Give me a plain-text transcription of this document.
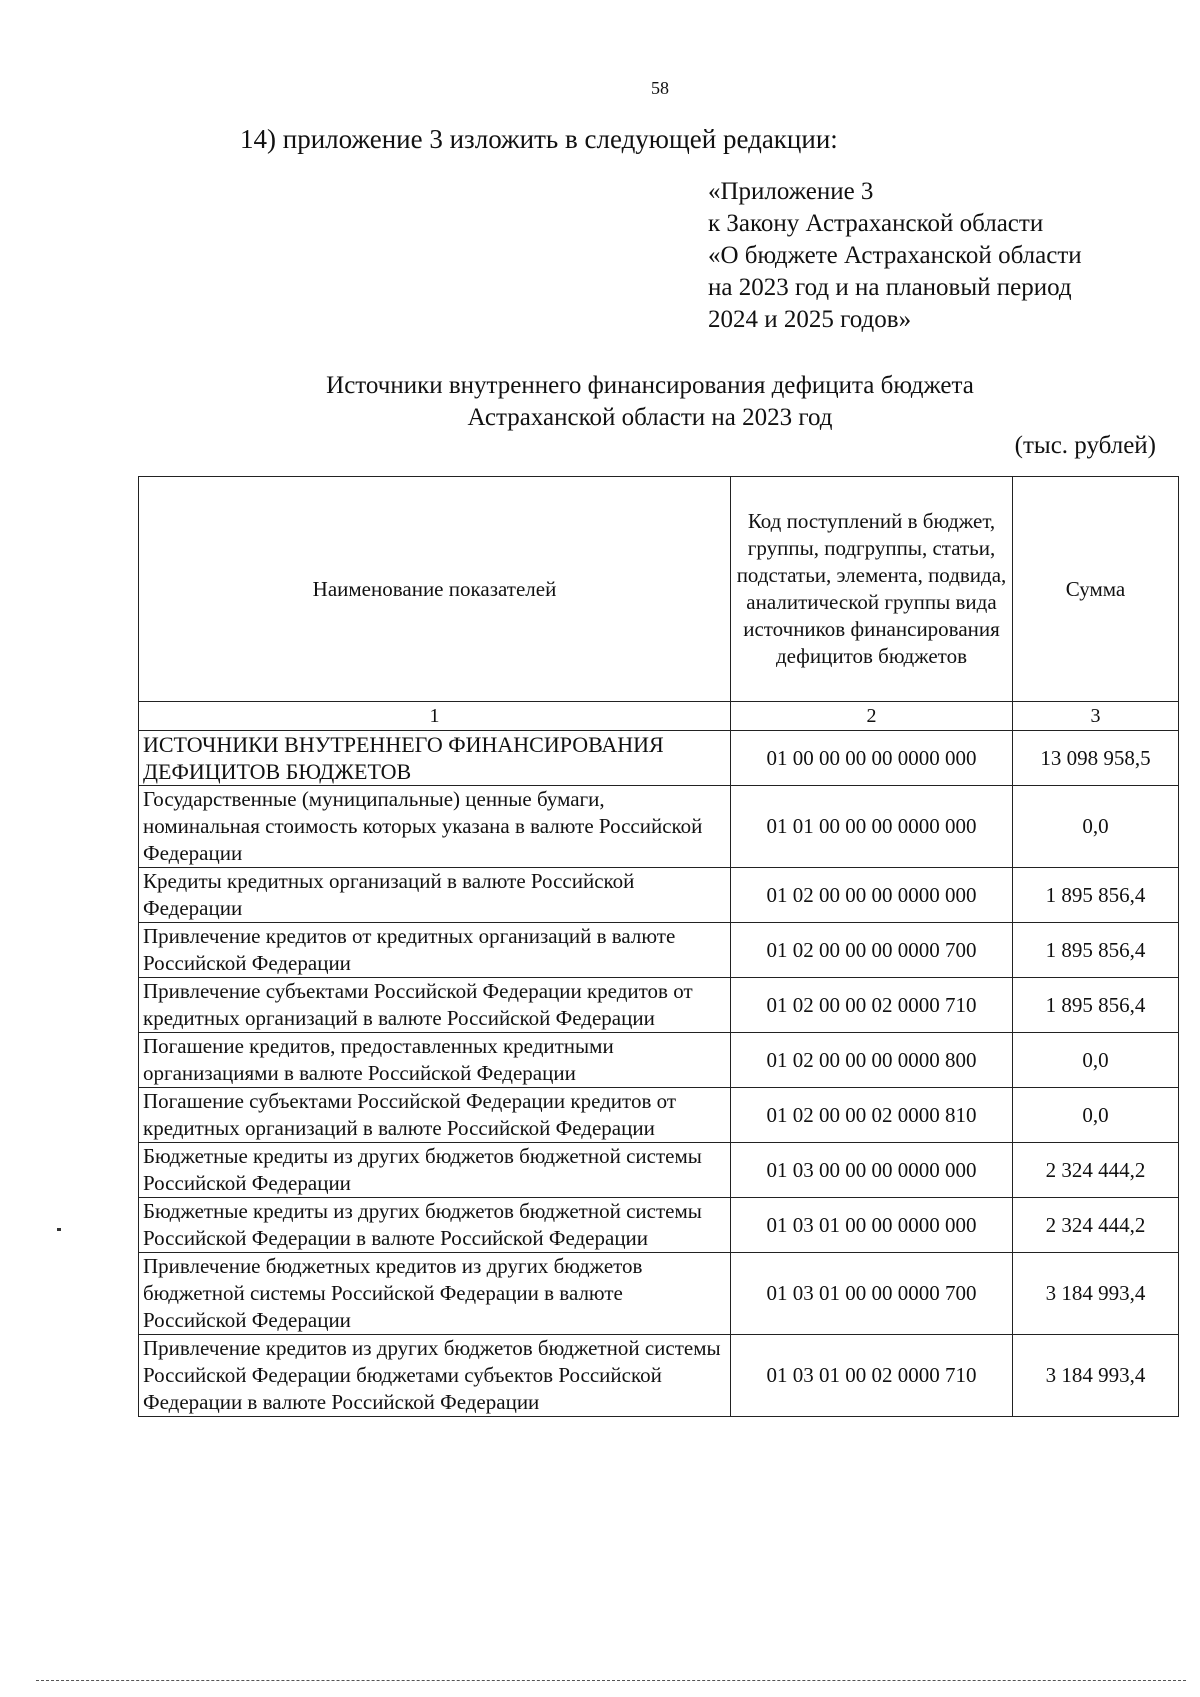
58
14) приложение 3 изложить в следующей редакции:
«Приложение 3
к Закону Астраханской области
«О бюджете Астраханской области
на 2023 год и на плановый период
2024 и 2025 годов»
Источники внутреннего финансирования дефицита бюджета
Астраханской области на 2023 год
(тыс. рублей)
Наименование показателей	Код поступлений в бюджет, группы, подгруппы, статьи, подстатьи, элемента, подвида, аналитической группы вида источников финансирования дефицитов бюджетов	Сумма
1	2	3
ИСТОЧНИКИ ВНУТРЕННЕГО ФИНАНСИРОВАНИЯ ДЕФИЦИТОВ БЮДЖЕТОВ	01 00 00 00 00 0000 000	13 098 958,5
Государственные (муниципальные) ценные бумаги, номинальная стоимость которых указана в валюте Российской Федерации	01 01 00 00 00 0000 000	0,0
Кредиты кредитных организаций в валюте Российской Федерации	01 02 00 00 00 0000 000	1 895 856,4
Привлечение кредитов от кредитных организаций в валюте Российской Федерации	01 02 00 00 00 0000 700	1 895 856,4
Привлечение субъектами Российской Федерации кредитов от кредитных организаций в валюте Российской Федерации	01 02 00 00 02 0000 710	1 895 856,4
Погашение кредитов, предоставленных кредитными организациями в валюте Российской Федерации	01 02 00 00 00 0000 800	0,0
Погашение субъектами Российской Федерации кредитов от кредитных организаций в валюте Российской Федерации	01 02 00 00 02 0000 810	0,0
Бюджетные кредиты из других бюджетов бюджетной системы Российской Федерации	01 03 00 00 00 0000 000	2 324 444,2
Бюджетные кредиты из других бюджетов бюджетной системы Российской Федерации в валюте Российской Федерации	01 03 01 00 00 0000 000	2 324 444,2
Привлечение бюджетных кредитов из других бюджетов бюджетной системы Российской Федерации в валюте Российской Федерации	01 03 01 00 00 0000 700	3 184 993,4
Привлечение кредитов из других бюджетов бюджетной системы Российской Федерации бюджетами субъектов Российской Федерации в валюте Российской Федерации	01 03 01 00 02 0000 710	3 184 993,4
